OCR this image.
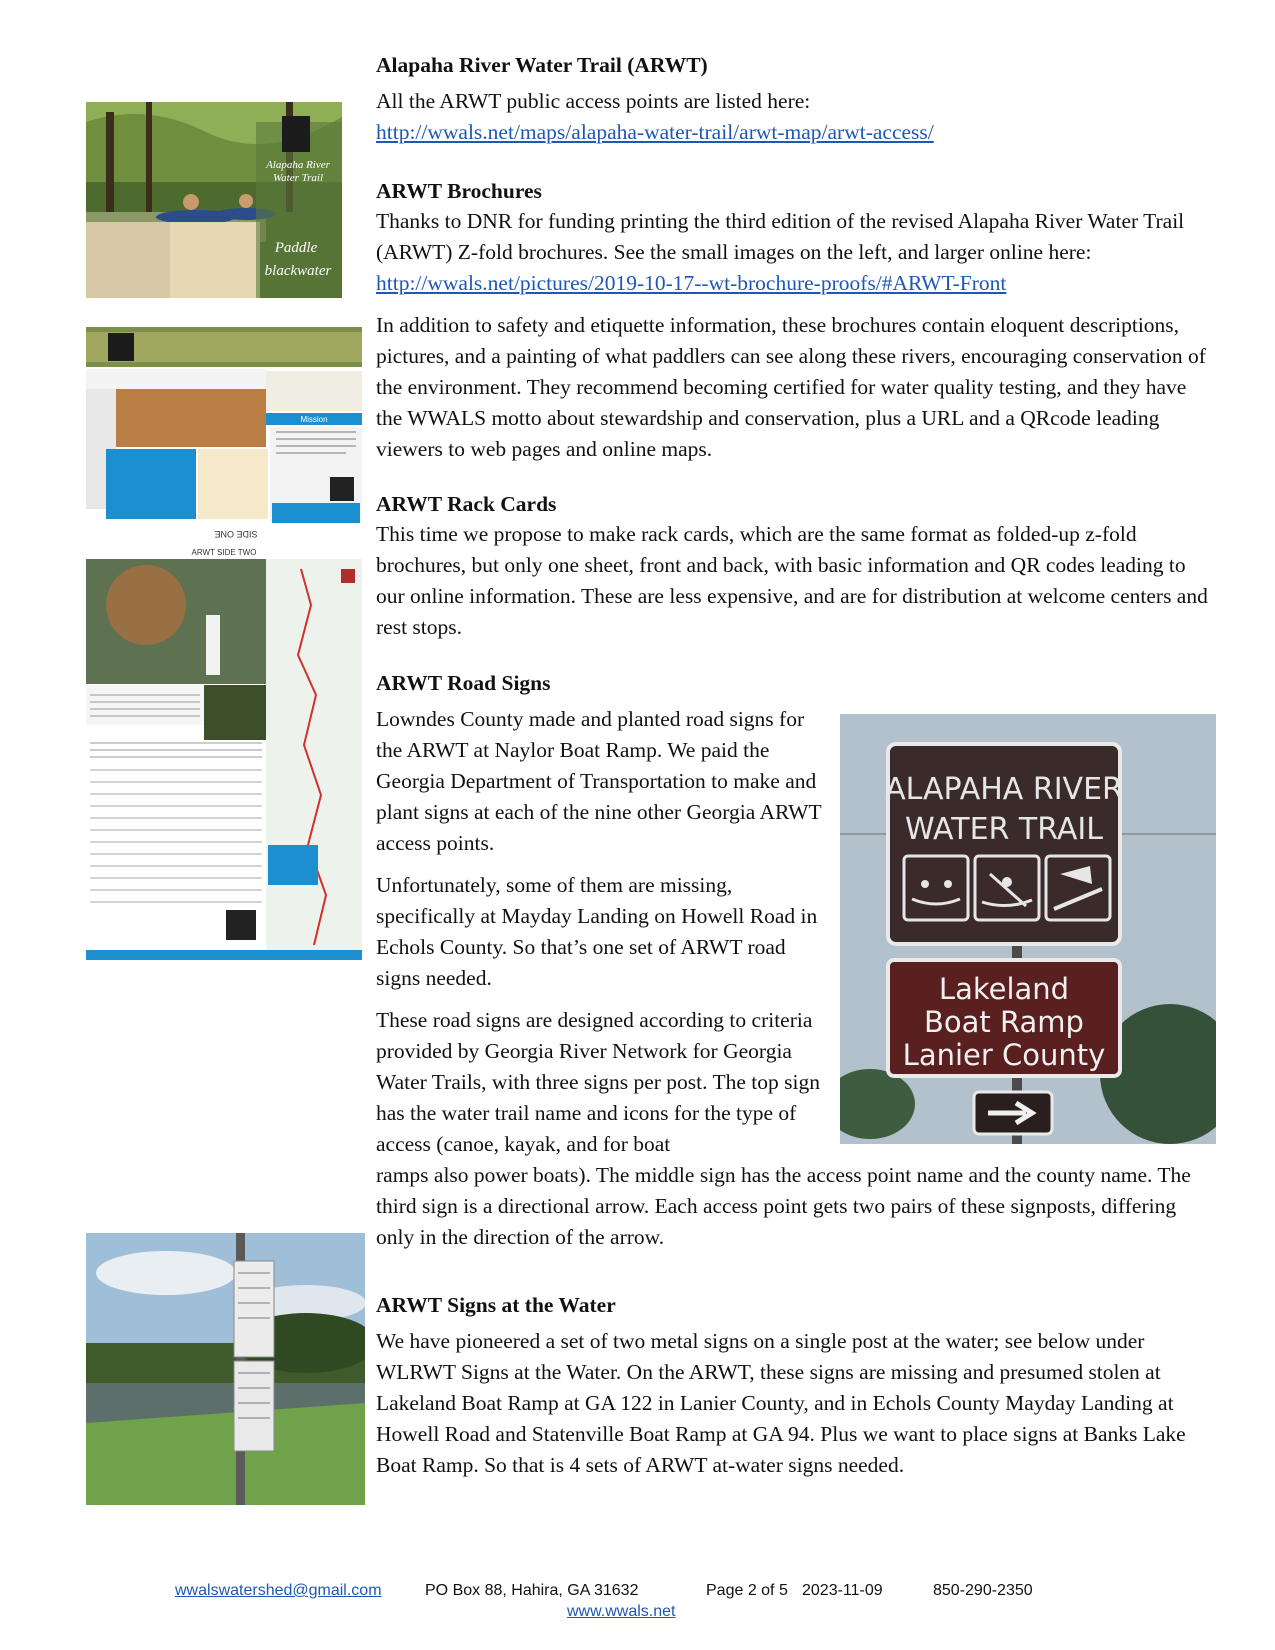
Alapaha River
Water Trail
Paddle
blackwater
Mission
SIDE ONE
ARWT SIDE TWO
ALAPAHA RIVER
WATER TRAIL
Lakeland
Boat Ramp
Lanier County
Alapaha River Water Trail (ARWT)

All the ARWT public access points are listed here:
http://wwals.net/maps/alapaha-water-trail/arwt-map/arwt-access/

ARWT Brochures

Thanks to DNR for funding printing the third edition of the revised Alapaha River Water Trail (ARWT) Z-fold brochures. See the small images on the left, and larger online here: http://wwals.net/pictures/2019-10-17--wt-brochure-proofs/#ARWT-Front

In addition to safety and etiquette information, these brochures contain eloquent descriptions, pictures, and a painting of what paddlers can see along these rivers, encouraging conservation of the environment. They recommend becoming certified for water quality testing, and they have the WWALS motto about stewardship and conservation, plus a URL and a QRcode leading viewers to web pages and online maps.

ARWT Rack Cards

This time we propose to make rack cards, which are the same format as folded-up z-fold brochures, but only one sheet, front and back, with basic information and QR codes leading to our online information. These are less expensive, and are for distribution at welcome centers and rest stops.

ARWT Road Signs

Lowndes County made and planted road signs for the ARWT at Naylor Boat Ramp. We paid the Georgia Department of Transportation to make and plant signs at each of the nine other Georgia ARWT access points.

Unfortunately, some of them are missing, specifically at Mayday Landing on Howell Road in Echols County. So that’s one set of ARWT road signs needed.

These road signs are designed according to criteria provided by Georgia River Network for Georgia Water Trails, with three signs per post. The top sign has the water trail name and icons for the type of access (canoe, kayak, and for boat

ramps also power boats). The middle sign has the access point name and the county name. The third sign is a directional arrow. Each access point gets two pairs of these signposts, differing only in the direction of the arrow.

ARWT Signs at the Water

We have pioneered a set of two metal signs on a single post at the water; see below under WLRWT Signs at the Water. On the ARWT, these signs are missing and presumed stolen at Lakeland Boat Ramp at GA 122 in Lanier County, and in Echols County Mayday Landing at Howell Road and Statenville Boat Ramp at GA 94. Plus we want to place signs at Banks Lake Boat Ramp. So that is 4 sets of ARWT at-water signs needed.

wwalswatershed@gmail.com	PO Box 88, Hahira, GA 31632	Page 2 of 5 2023-11-09	850-290-2350
www.wwals.net
